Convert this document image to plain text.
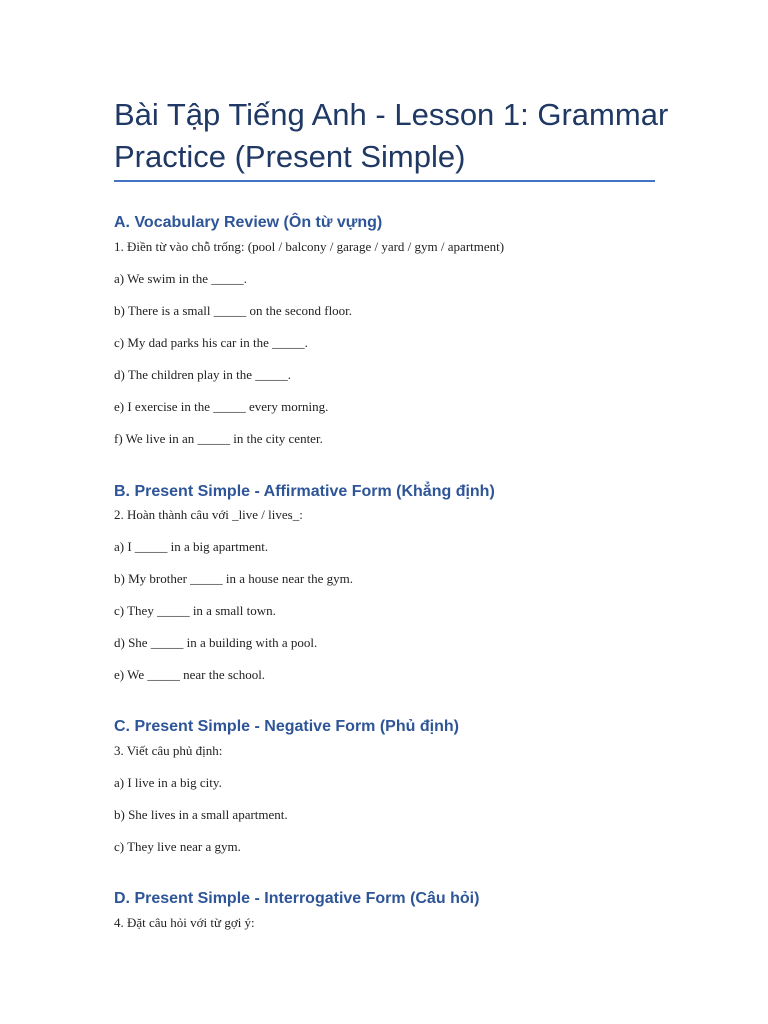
Bài Tập Tiếng Anh - Lesson 1: Grammar Practice (Present Simple)
A. Vocabulary Review (Ôn từ vựng)

1. Điền từ vào chỗ trống: (pool / balcony / garage / yard / gym / apartment)

a) We swim in the _____.

b) There is a small _____ on the second floor.

c) My dad parks his car in the _____.

d) The children play in the _____.

e) I exercise in the _____ every morning.

f) We live in an _____ in the city center.

B. Present Simple - Affirmative Form (Khẳng định)

2. Hoàn thành câu với _live / lives_:

a) I _____ in a big apartment.

b) My brother _____ in a house near the gym.

c) They _____ in a small town.

d) She _____ in a building with a pool.

e) We _____ near the school.

C. Present Simple - Negative Form (Phủ định)

3. Viết câu phủ định:

a) I live in a big city.

b) She lives in a small apartment.

c) They live near a gym.

D. Present Simple - Interrogative Form (Câu hỏi)

4. Đặt câu hỏi với từ gợi ý:
